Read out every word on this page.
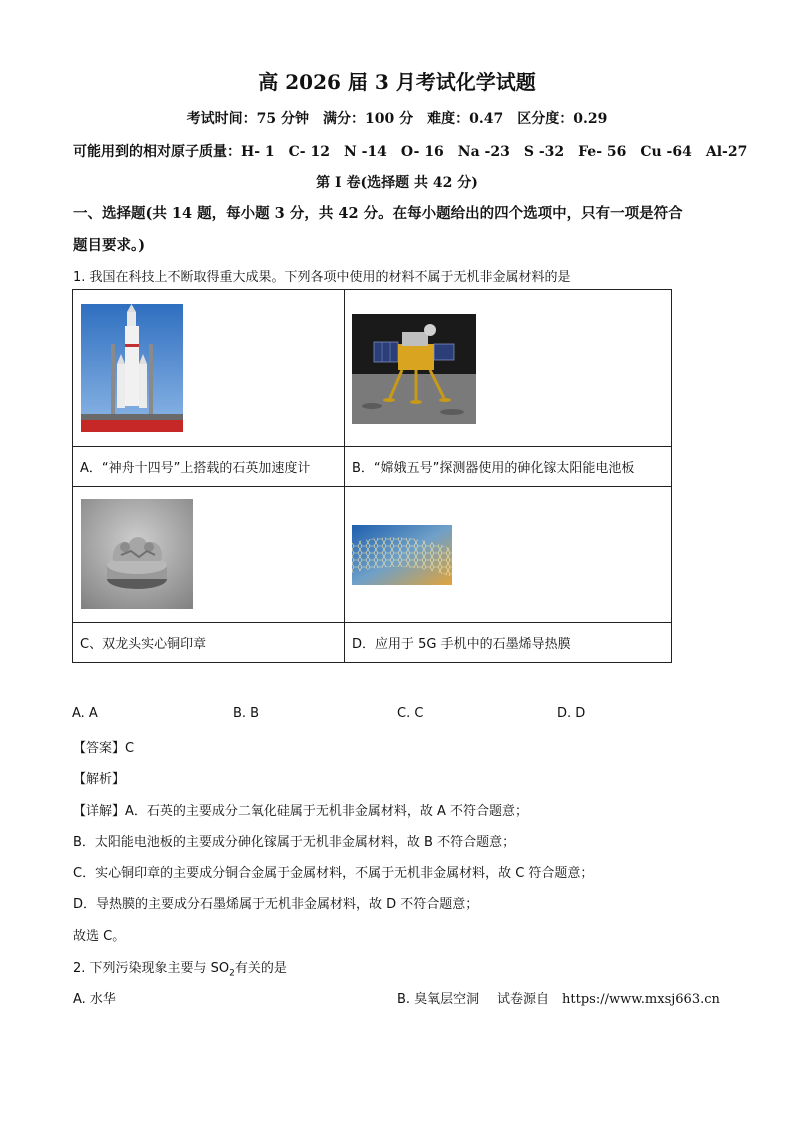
高 2026 届 3 月考试化学试题
考试时间：75 分钟　满分：100 分　难度：0.47　区分度：0.29
可能用到的相对原子质量：H- 1　C- 12　N -14　O- 16　Na -23　S -32　Fe- 56　Cu -64　Al-27
第 I 卷(选择题 共 42 分)
一、选择题(共 14 题，每小题 3 分，共 42 分。在每小题给出的四个选项中，只有一项是符合
题目要求。)
1. 我国在科技上不断取得重大成果。下列各项中使用的材料不属于无机非金属材料的是

A．“神舟十四号”上搭载的石英加速度计	B．“嫦娥五号”探测器使用的砷化镓太阳能电池板

C、双龙头实心铜印章	D．应用于 5G 手机中的石墨烯导热膜
A. A	B. B	C. C	D. D
【答案】C
【解析】
【详解】A．石英的主要成分二氧化硅属于无机非金属材料，故 A 不符合题意；
B．太阳能电池板的主要成分砷化镓属于无机非金属材料，故 B 不符合题意；
C．实心铜印章的主要成分铜合金属于金属材料，不属于无机非金属材料，故 C 符合题意；
D．导热膜的主要成分石墨烯属于无机非金属材料，故 D 不符合题意；
故选 C。
2. 下列污染现象主要与 $SO_2$有关的是
A. 水华	B. 臭氧层空洞 试卷源自　https://www.mxsj663.cn
